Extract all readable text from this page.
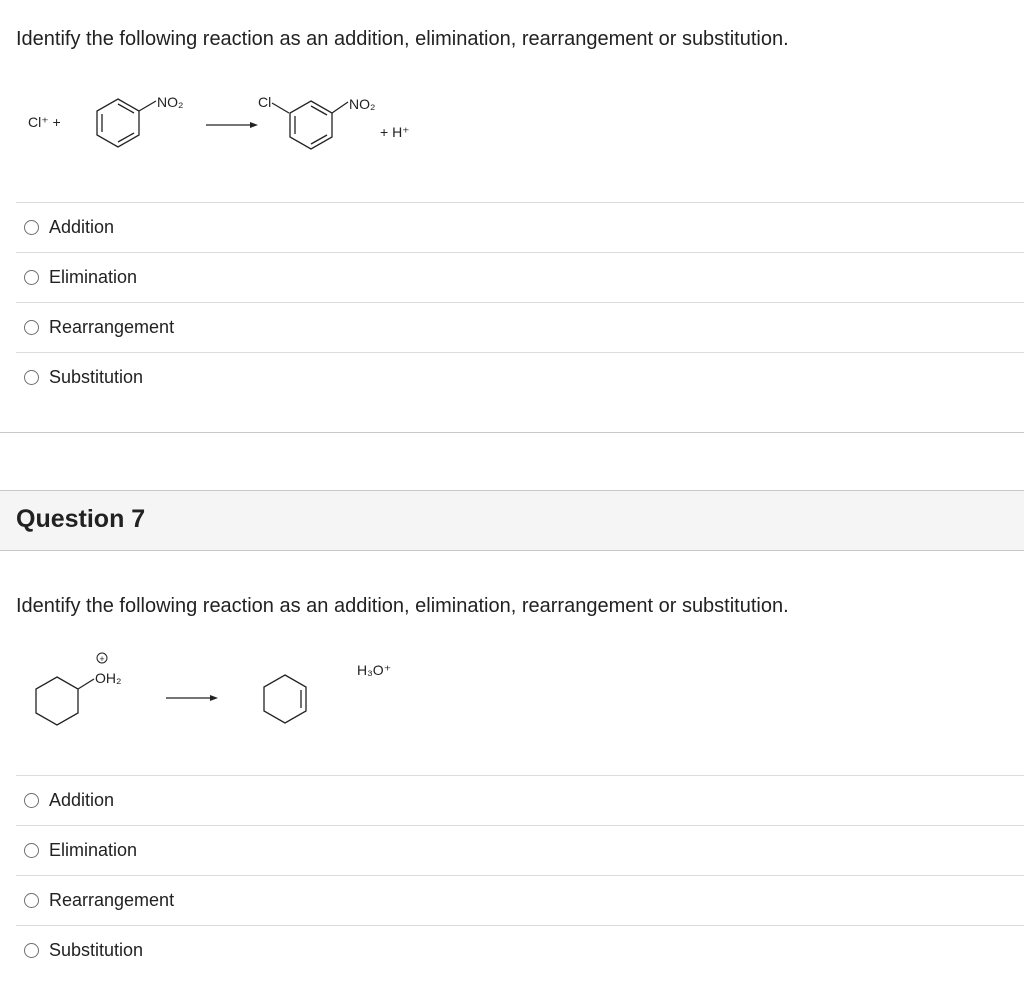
Identify the following reaction as an addition, elimination, rearrangement or substitution.
Cl⁺ +
NO₂	Cl	NO₂
+ H⁺
Addition
Elimination
Rearrangement
Substitution
Question 7
Identify the following reaction as an addition, elimination, rearrangement or substitution.
OH₂
+
H₃O⁺
Addition
Elimination
Rearrangement
Substitution
